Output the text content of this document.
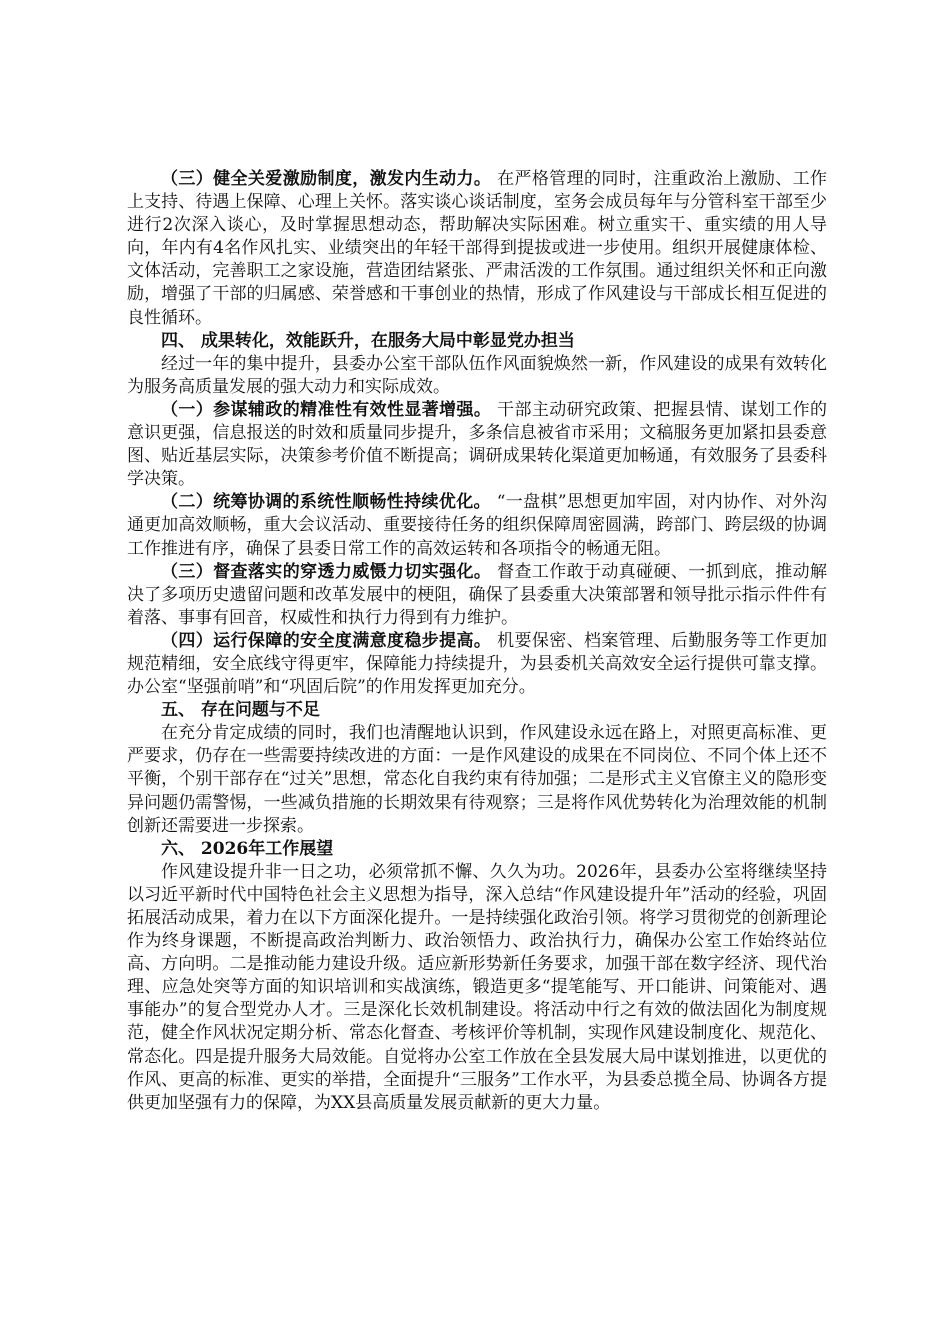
（三）健全关爱激励制度，激发内生动力。 在严格管理的同时，注重政治上激励、工作上支持、待遇上保障、心理上关怀。落实谈心谈话制度，室务会成员每年与分管科室干部至少进行2次深入谈心，及时掌握思想动态，帮助解决实际困难。树立重实干、重实绩的用人导向，年内有4名作风扎实、业绩突出的年轻干部得到提拔或进一步使用。组织开展健康体检、文体活动，完善职工之家设施，营造团结紧张、严肃活泼的工作氛围。通过组织关怀和正向激励，增强了干部的归属感、荣誉感和干事创业的热情，形成了作风建设与干部成长相互促进的良性循环。

四、 成果转化，效能跃升，在服务大局中彰显党办担当

经过一年的集中提升，县委办公室干部队伍作风面貌焕然一新，作风建设的成果有效转化为服务高质量发展的强大动力和实际成效。

（一）参谋辅政的精准性有效性显著增强。 干部主动研究政策、把握县情、谋划工作的意识更强，信息报送的时效和质量同步提升，多条信息被省市采用；文稿服务更加紧扣县委意图、贴近基层实际，决策参考价值不断提高；调研成果转化渠道更加畅通，有效服务了县委科学决策。

（二）统筹协调的系统性顺畅性持续优化。 “一盘棋”思想更加牢固，对内协作、对外沟通更加高效顺畅，重大会议活动、重要接待任务的组织保障周密圆满，跨部门、跨层级的协调工作推进有序，确保了县委日常工作的高效运转和各项指令的畅通无阻。

（三）督查落实的穿透力威慑力切实强化。 督查工作敢于动真碰硬、一抓到底，推动解决了多项历史遗留问题和改革发展中的梗阻，确保了县委重大决策部署和领导批示指示件件有着落、事事有回音，权威性和执行力得到有力维护。

（四）运行保障的安全度满意度稳步提高。 机要保密、档案管理、后勤服务等工作更加规范精细，安全底线守得更牢，保障能力持续提升，为县委机关高效安全运行提供可靠支撑。办公室“坚强前哨”和“巩固后院”的作用发挥更加充分。

五、 存在问题与不足

在充分肯定成绩的同时，我们也清醒地认识到，作风建设永远在路上，对照更高标准、更严要求，仍存在一些需要持续改进的方面：一是作风建设的成果在不同岗位、不同个体上还不平衡，个别干部存在“过关”思想，常态化自我约束有待加强；二是形式主义官僚主义的隐形变异问题仍需警惕，一些减负措施的长期效果有待观察；三是将作风优势转化为治理效能的机制创新还需要进一步探索。

六、 2026年工作展望

作风建设提升非一日之功，必须常抓不懈、久久为功。2026年，县委办公室将继续坚持以习近平新时代中国特色社会主义思想为指导，深入总结“作风建设提升年”活动的经验，巩固拓展活动成果，着力在以下方面深化提升。一是持续强化政治引领。将学习贯彻党的创新理论作为终身课题，不断提高政治判断力、政治领悟力、政治执行力，确保办公室工作始终站位高、方向明。二是推动能力建设升级。适应新形势新任务要求，加强干部在数字经济、现代治理、应急处突等方面的知识培训和实战演练，锻造更多“提笔能写、开口能讲、问策能对、遇事能办”的复合型党办人才。三是深化长效机制建设。将活动中行之有效的做法固化为制度规范，健全作风状况定期分析、常态化督查、考核评价等机制，实现作风建设制度化、规范化、常态化。四是提升服务大局效能。自觉将办公室工作放在全县发展大局中谋划推进，以更优的作风、更高的标准、更实的举措，全面提升“三服务”工作水平，为县委总揽全局、协调各方提供更加坚强有力的保障，为XX县高质量发展贡献新的更大力量。
